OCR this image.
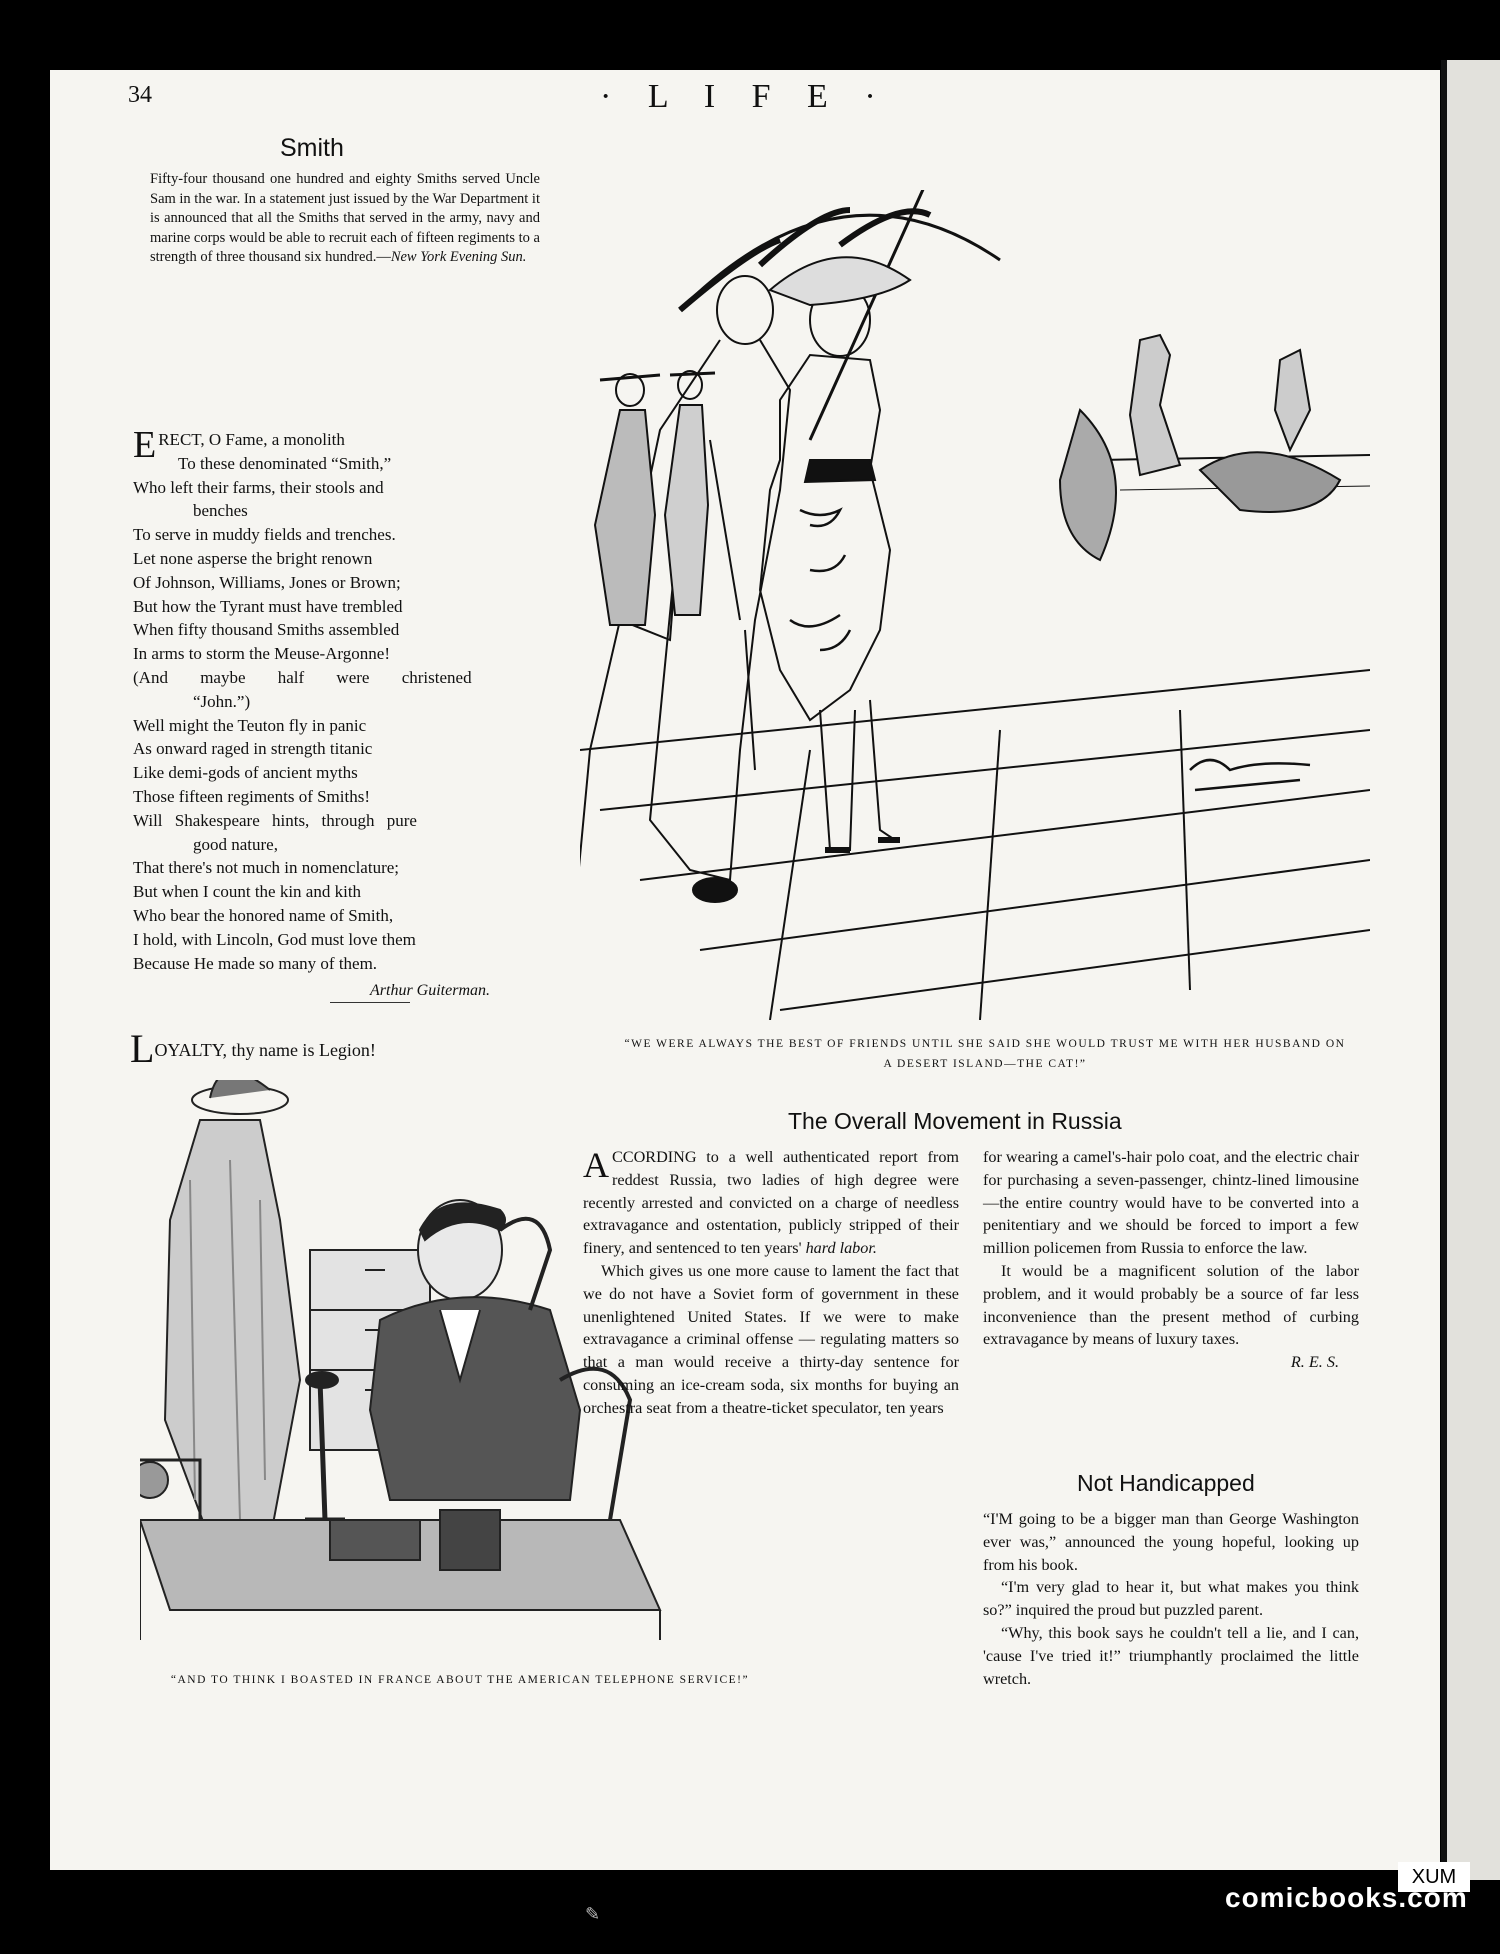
34	· L I F E ·
Smith
Fifty-four thousand one hundred and eighty Smiths served Uncle Sam in the war. In a statement just issued by the War Department it is announced that all the Smiths that served in the army, navy and marine corps would be able to recruit each of fifteen regiments to a strength of three thousand six hundred.—New York Evening Sun.
E RECT, O Fame, a monolith
To these denominated “Smith,”
Who left their farms, their stools and
benches
To serve in muddy fields and trenches.
Let none asperse the bright renown
Of Johnson, Williams, Jones or Brown;
But how the Tyrant must have trembled
When fifty thousand Smiths assembled
In arms to storm the Meuse-Argonne!
(And maybe half were christened
“John.”)
Well might the Teuton fly in panic
As onward raged in strength titanic
Like demi-gods of ancient myths
Those fifteen regiments of Smiths!
Will Shakespeare hints, through pure
good nature,
That there's not much in nomenclature;
But when I count the kin and kith
Who bear the honored name of Smith,
I hold, with Lincoln, God must love them
Because He made so many of them.
Arthur Guiterman.
LOYALTY, thy name is Legion!	“WE WERE ALWAYS THE BEST OF FRIENDS UNTIL SHE SAID SHE WOULD TRUST ME WITH HER HUSBAND ON A DESERT ISLAND—THE CAT!”
“AND TO THINK I BOASTED IN FRANCE ABOUT THE AMERICAN TELEPHONE SERVICE!”
The Overall Movement in Russia

ACCORDING to a well authenticated report from reddest Russia, two ladies of high degree were recently arrested and convicted on a charge of needless extravagance and ostentation, publicly stripped of their finery, and sentenced to ten years' hard labor.

Which gives us one more cause to lament the fact that we do not have a Soviet form of government in these unenlightened United States. If we were to make extravagance a criminal offense — regulating matters so that a man would receive a thirty-day sentence for consuming an ice-cream soda, six months for buying an orchestra seat from a theatre-ticket speculator, ten years

for wearing a camel's-hair polo coat, and the electric chair for purchasing a seven-passenger, chintz-lined limousine—the entire country would have to be converted into a penitentiary and we should be forced to import a few million policemen from Russia to enforce the law.

It would be a magnificent solution of the labor problem, and it would probably be a source of far less inconvenience than the present method of curbing extravagance by means of luxury taxes.

R. E. S.
Not Handicapped

“I'M going to be a bigger man than George Washington ever was,” announced the young hopeful, looking up from his book.

“I'm very glad to hear it, but what makes you think so?” inquired the proud but puzzled parent.

“Why, this book says he couldn't tell a lie, and I can, 'cause I've tried it!” triumphantly proclaimed the little wretch.

✎
XUM
comicbooks.com
